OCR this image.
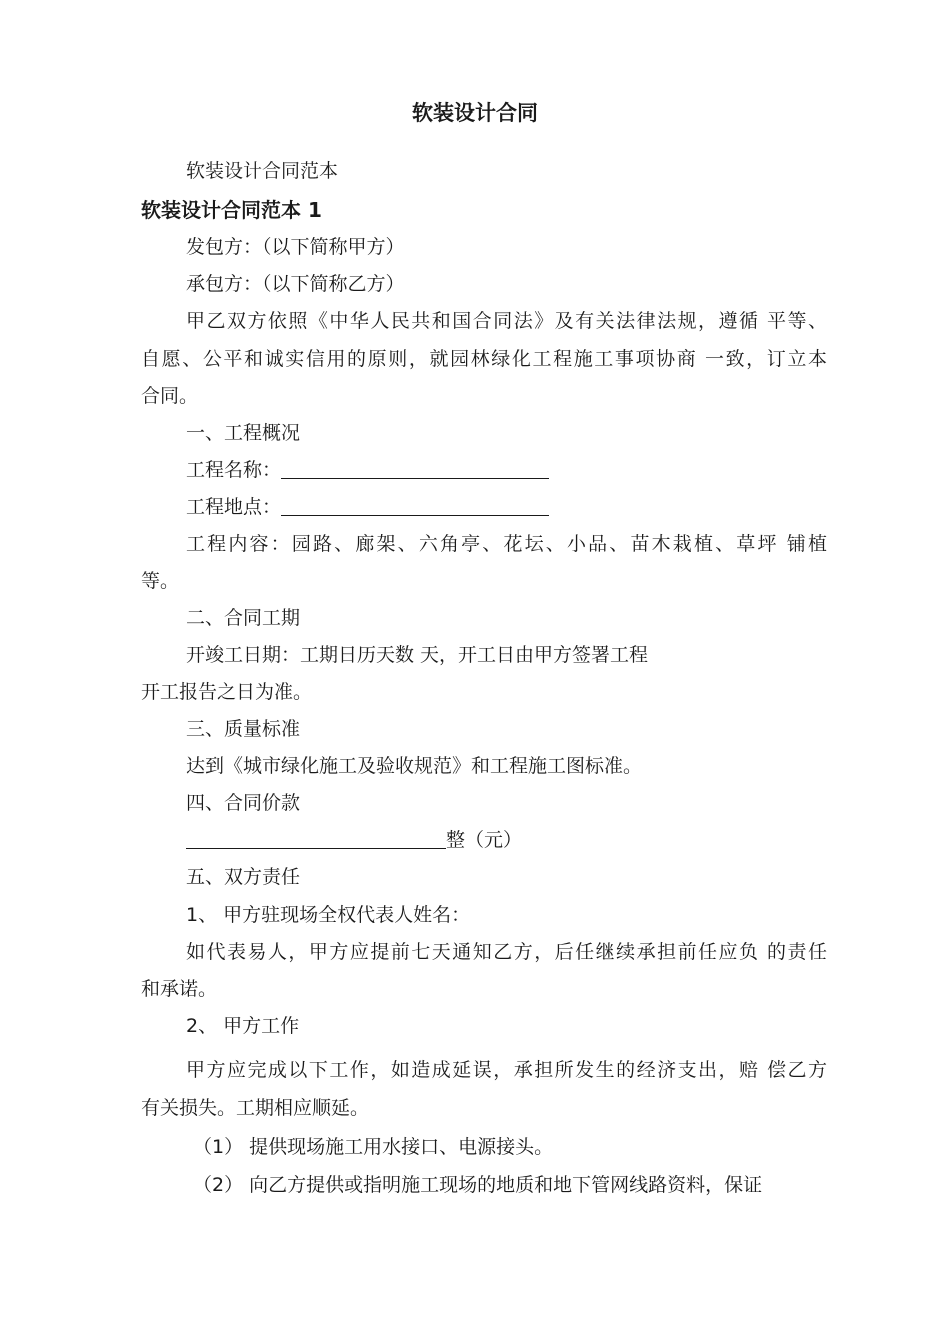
软装设计合同

软装设计合同范本

软装设计合同范本 1

发包方：（以下简称甲方）

承包方：（以下简称乙方）

甲乙双方依照《中华人民共和国合同法》及有关法律法规，遵循 平等、

自愿、公平和诚实信用的原则，就园林绿化工程施工事项协商 一致，订立本

合同。

一、工程概况

工程名称：

工程地点：

工程内容：园路、廊架、六角亭、花坛、小品、苗木栽植、草坪 铺植

等。

二、合同工期

开竣工日期：工期日历天数 天，开工日由甲方签署工程

开工报告之日为准。

三、质量标准

达到《城市绿化施工及验收规范》和工程施工图标准。

四、合同价款

整（元）

五、双方责任

1、 甲方驻现场全权代表人姓名：

如代表易人，甲方应提前七天通知乙方，后任继续承担前任应负 的责任

和承诺。

2、 甲方工作

甲方应完成以下工作，如造成延误，承担所发生的经济支出，赔 偿乙方

有关损失。工期相应顺延。

（1） 提供现场施工用水接口、电源接头。

（2） 向乙方提供或指明施工现场的地质和地下管网线路资料，保证
